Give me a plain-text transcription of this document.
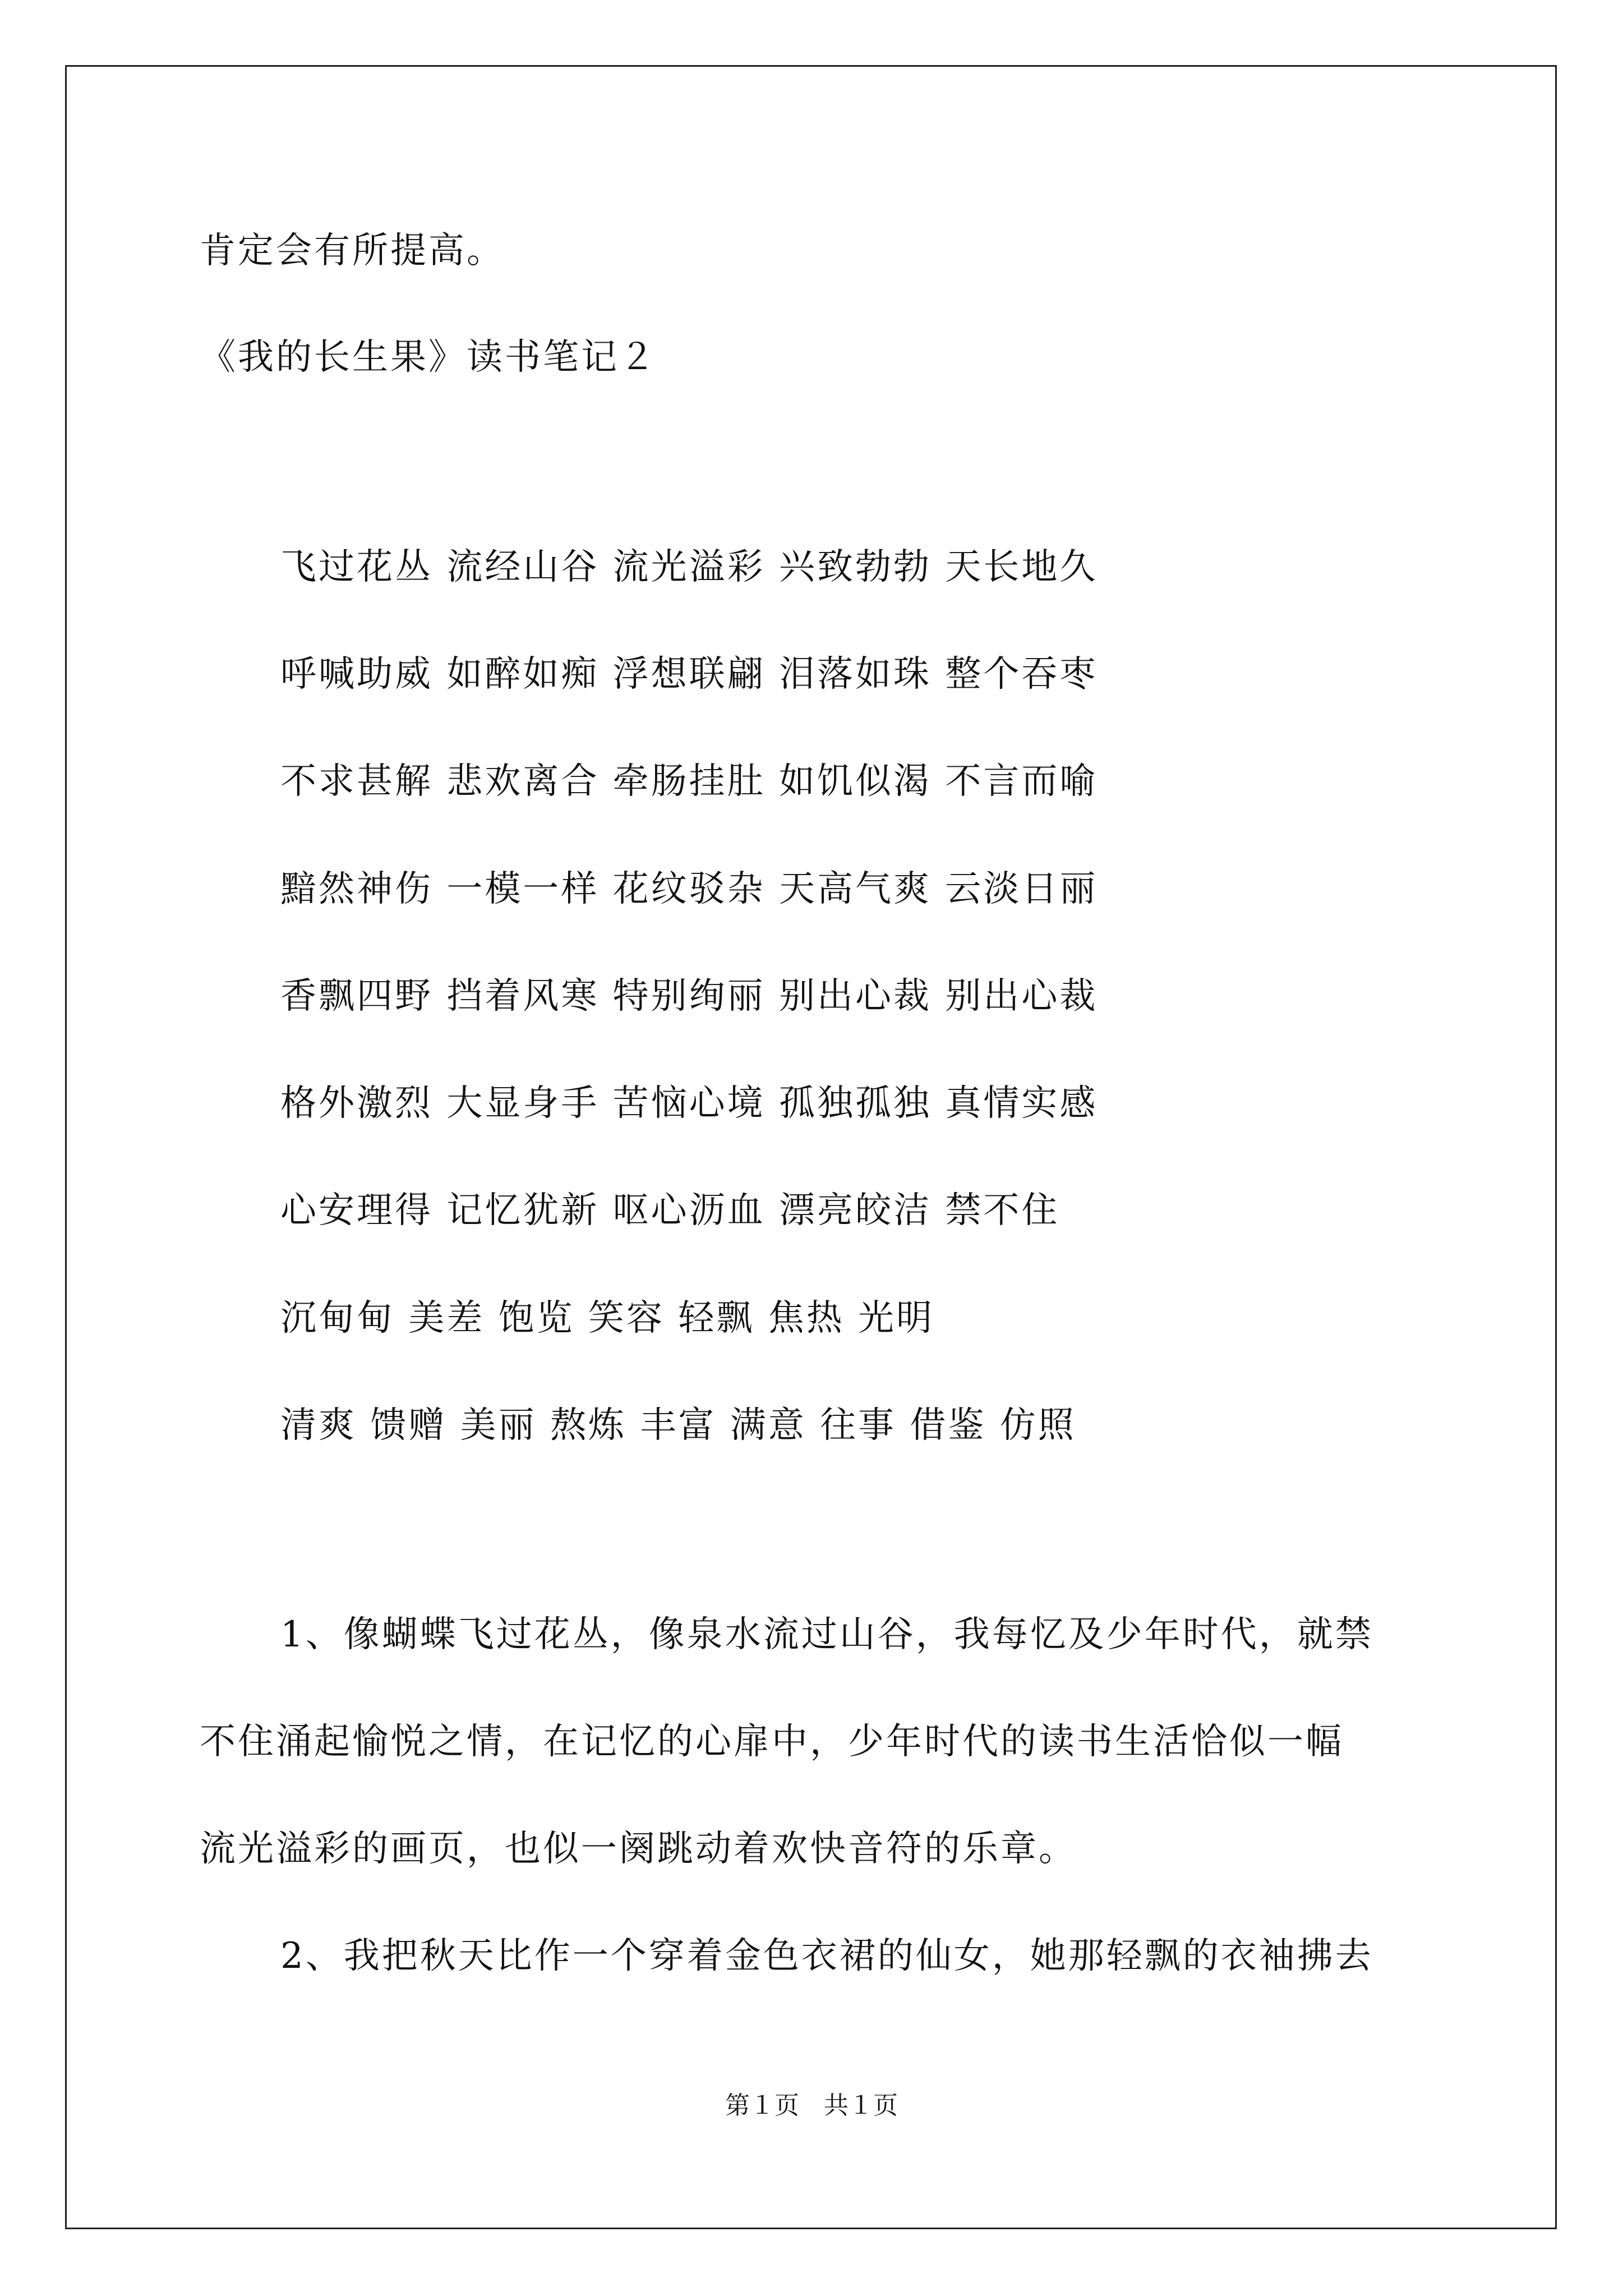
肯定会有所提高。
《我的长生果》读书笔记２
飞过花丛 流经山谷 流光溢彩 兴致勃勃 天长地久
呼喊助威 如醉如痴 浮想联翩 泪落如珠 整个吞枣
不求甚解 悲欢离合 牵肠挂肚 如饥似渴 不言而喻
黯然神伤 一模一样 花纹驳杂 天高气爽 云淡日丽
香飘四野 挡着风寒 特别绚丽 别出心裁 别出心裁
格外激烈 大显身手 苦恼心境 孤独孤独 真情实感
心安理得 记忆犹新 呕心沥血 漂亮皎洁 禁不住
沉甸甸 美差 饱览 笑容 轻飘 焦热 光明
清爽 馈赠 美丽 熬炼 丰富 满意 往事 借鉴 仿照
1、像蝴蝶飞过花丛，像泉水流过山谷，我每忆及少年时代，就禁
不住涌起愉悦之情，在记忆的心扉中，少年时代的读书生活恰似一幅
流光溢彩的画页，也似一阕跳动着欢快音符的乐章。
2、我把秋天比作一个穿着金色衣裙的仙女，她那轻飘的衣袖拂去
第１页　共１页
